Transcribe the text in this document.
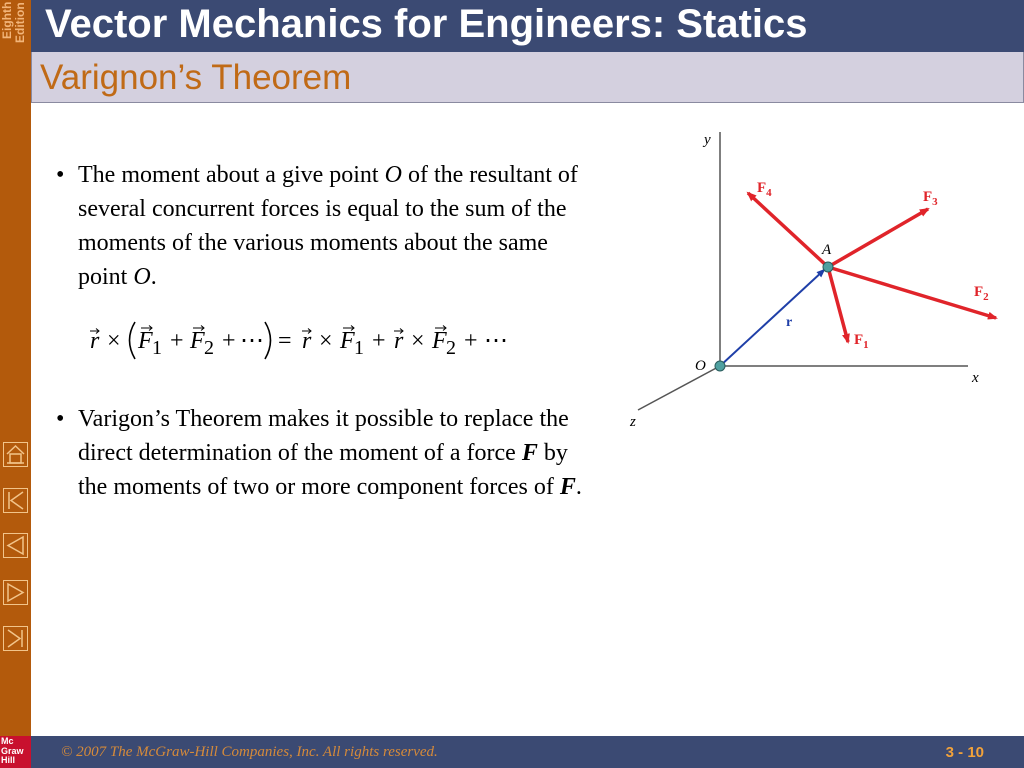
Eighth
Edition
Mc
Graw
Hill
Vector Mechanics for Engineers: Statics
Varignon’s Theorem
• The moment about a give point O of the resultant of several concurrent forces is equal to the sum of the moments of the various moments about the same point O.
r × F 1 + F 2 + ⋯ = r × F 1 + r × F 2 + ⋯
• Varigon’s Theorem makes it possible to replace the direct determination of the moment of a force F by the moments of two or more component forces of F.
y
x
z
O
r
A
$F_4$	$F_3$
$F_2$
$F_1$
© 2007 The McGraw-Hill Companies, Inc. All rights reserved.	3 - 10
